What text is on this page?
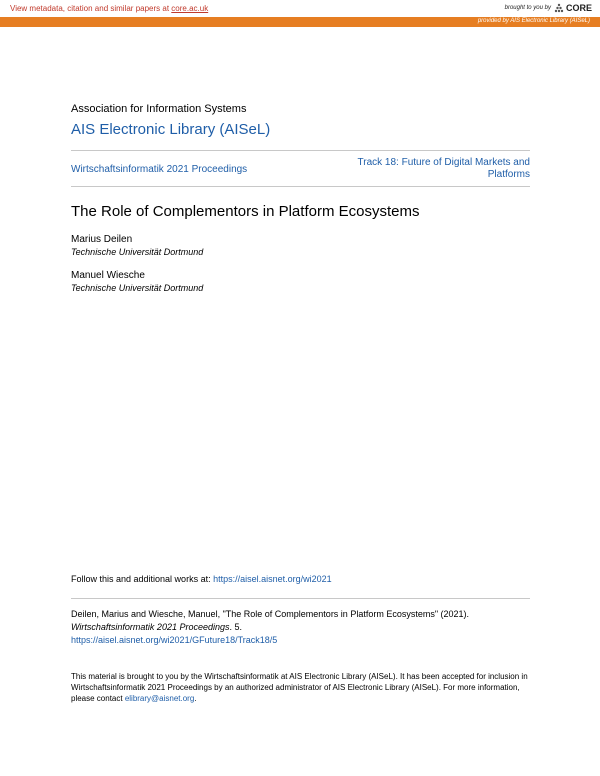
View metadata, citation and similar papers at core.ac.uk	brought to you by CORE
provided by AIS Electronic Library (AISeL)
Association for Information Systems
AIS Electronic Library (AISeL)
Wirtschaftsinformatik 2021 Proceedings
Track 18: Future of Digital Markets and Platforms
The Role of Complementors in Platform Ecosystems
Marius Deilen
Technische Universität Dortmund
Manuel Wiesche
Technische Universität Dortmund
Follow this and additional works at: https://aisel.aisnet.org/wi2021
Deilen, Marius and Wiesche, Manuel, "The Role of Complementors in Platform Ecosystems" (2021).
Wirtschaftsinformatik 2021 Proceedings. 5.
https://aisel.aisnet.org/wi2021/GFuture18/Track18/5
This material is brought to you by the Wirtschaftsinformatik at AIS Electronic Library (AISeL). It has been accepted for inclusion in Wirtschaftsinformatik 2021 Proceedings by an authorized administrator of AIS Electronic Library (AISeL). For more information, please contact elibrary@aisnet.org.
